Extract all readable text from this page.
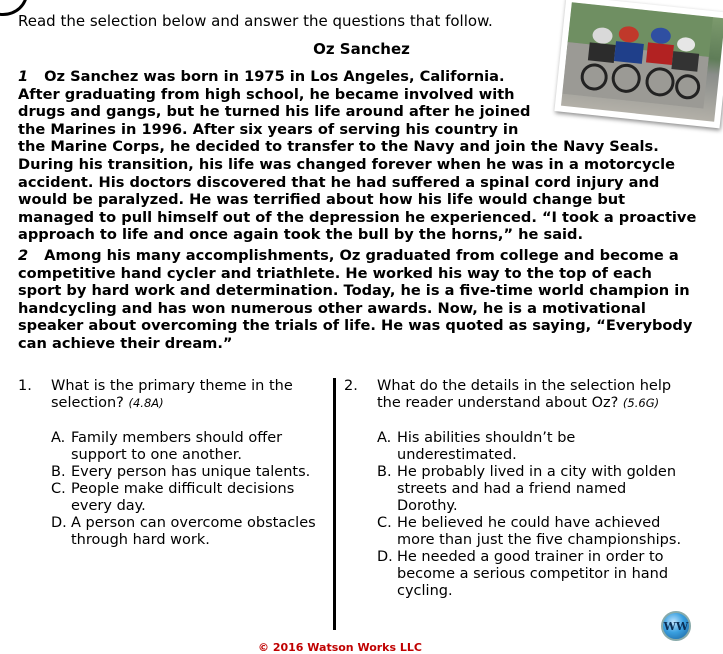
Read the selection below and answer the questions that follow.
Oz Sanchez

1 Oz Sanchez was born in 1975 in Los Angeles, California. After graduating from high school, he became involved with drugs and gangs, but he turned his life around after he joined the Marines in 1996. After six years of serving his country in the Marine Corps, he decided to transfer to the Navy and join the Navy Seals. During his transition, his life was changed forever when he was in a motorcycle accident. His doctors discovered that he had suffered a spinal cord injury and would be paralyzed. He was terrified about how his life would change but managed to pull himself out of the depression he experienced. “I took a proactive approach to life and once again took the bull by the horns,” he said.

2 Among his many accomplishments, Oz graduated from college and become a competitive hand cycler and triathlete. He worked his way to the top of each sport by hard work and determination. Today, he is a five-time world champion in handcycling and has won numerous other awards. Now, he is a motivational speaker about overcoming the trials of life. He was quoted as saying, “Everybody can achieve their dream.”

1.	What is the primary theme in the selection? (4.8A)
A. Family members should offer support to one another.
B. Every person has unique talents.
C. People make difficult decisions every day.
D. A person can overcome obstacles through hard work.
2.	What do the details in the selection help the reader understand about Oz? (5.6G)
A. His abilities shouldn’t be underestimated.
B. He probably lived in a city with golden streets and had a friend named Dorothy.
C. He believed he could have achieved more than just the five championships.
D. He needed a good trainer in order to become a serious competitor in hand cycling.
WW
© 2016 Watson Works LLC
